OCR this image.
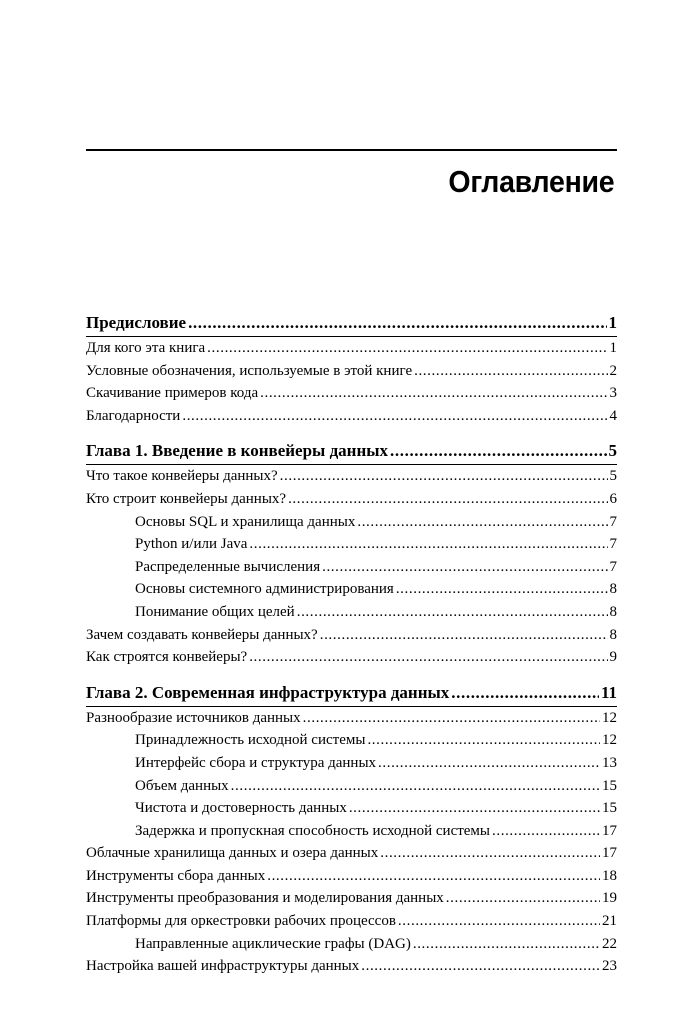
Оглавление
Предисловие .....	1
Для кого эта книга .....	1
Условные обозначения, используемые в этой книге .....	2
Скачивание примеров кода .....	3
Благодарности .....	4
Глава 1. Введение в конвейеры данных .....	5
Что такое конвейеры данных? .....	5
Кто строит конвейеры данных? .....	6
Основы SQL и хранилища данных .....	7
Python и/или Java .....	7
Распределенные вычисления .....	7
Основы системного администрирования .....	8
Понимание общих целей .....	8
Зачем создавать конвейеры данных? .....	8
Как строятся конвейеры? .....	9
Глава 2. Современная инфраструктура данных .....	11
Разнообразие источников данных .....	12
Принадлежность исходной системы .....	12
Интерфейс сбора и структура данных .....	13
Объем данных .....	15
Чистота и достоверность данных .....	15
Задержка и пропускная способность исходной системы .....	17
Облачные хранилища данных и озера данных .....	17
Инструменты сбора данных .....	18
Инструменты преобразования и моделирования данных .....	19
Платформы для оркестровки рабочих процессов .....	21
Направленные ациклические графы (DAG) .....	22
Настройка вашей инфраструктуры данных .....	23
